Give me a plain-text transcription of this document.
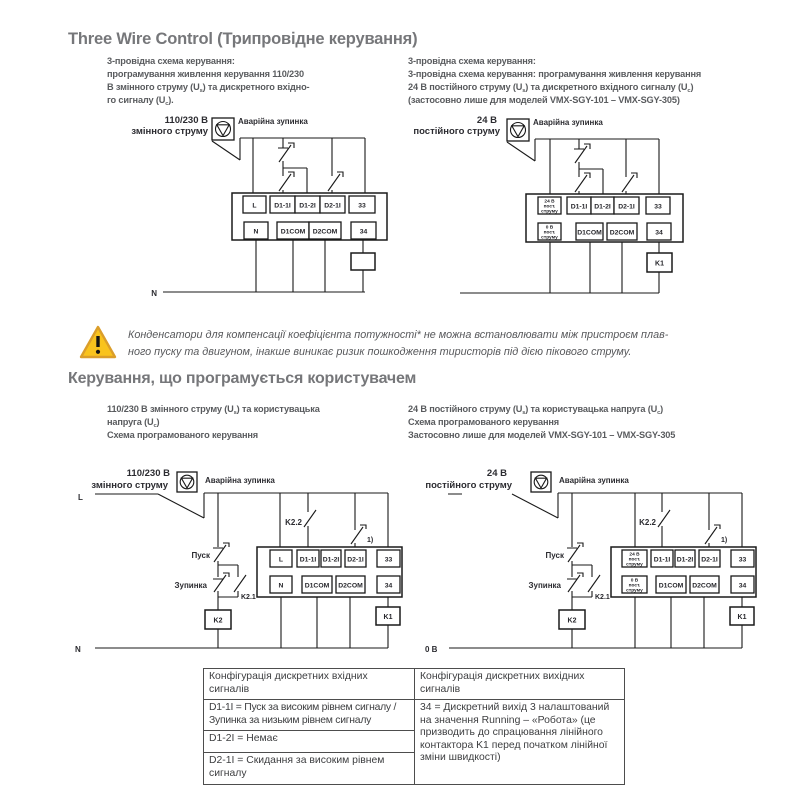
Three Wire Control (Трипровідне керування)
3-провідна схема керування:
програмування живлення керування 110/230
В змінного струму $(U_s)$ та дискретного вхідно-
го сигналу $(U_c)$.
3-провідна схема керування:
3-провідна схема керування: програмування живлення керування
24 В постійного струму $(U_s)$ та дискретного вхідного сигналу $(U_c)$
(застосовно лише для моделей VMX-SGY-101 – VMX-SGY-305)
110/230 В
змінного струму
Аварійна зупинка
L	D1-1I D1-2I D2-1I	33
N	D1COM D2COM	34
N
24 В
постійного струму
Аварійна зупинка
24 В
пост.
струму
D1-1I D1-2I D2-1I	33
0 В
пост.
струму
D1COM D2COM	34
K1
Конденсатори для компенсації коефіцієнта потужності* не можна встановлювати між пристроєм плав-
ного пуску та двигуном, інакше виникає ризик пошкодження тиристорів під дією пікового струму.
Керування, що програмується користувачем
110/230 В змінного струму $(U_s)$ та користувацька
напруга $(U_c)$
Схема програмованого керування
24 В постійного струму $(U_s)$ та користувацька напруга $(U_c)$
Схема програмованого керування
Застосовно лише для моделей VMX-SGY-101 – VMX-SGY-305
110/230 В
змінного струму
L
Аварійна зупинка
Пуск
Зупинка
K2.1
K2.2
1)
K2
L D1-1I D1-2I D2-1I	33
N	D1COM D2COM	34
K1
N
24 В
постійного струму	Аварійна зупинка
Пуск
Зупинка
K2.1
K2.2
1)
K2
24 В
пост.
струму
D1-1I D1-2I D2-1I	33
0 В
пост.
струму
D1COM D2COM	34
K1
0 В
Конфігурація дискретних вхідних сигналів	Конфігурація дискретних вихідних сигналів
D1-1I = Пуск за високим рівнем сигналу / Зупинка за низьким рівнем сигналу	34 = Дискретний вихід 3 налаштований на значення Running – «Робота» (це призводить до спрацювання лінійного контактора K1 перед початком лінійної зміни швидкості)
D1-2I = Немає	
D2-1I = Скидання за високим рівнем сигналу	
